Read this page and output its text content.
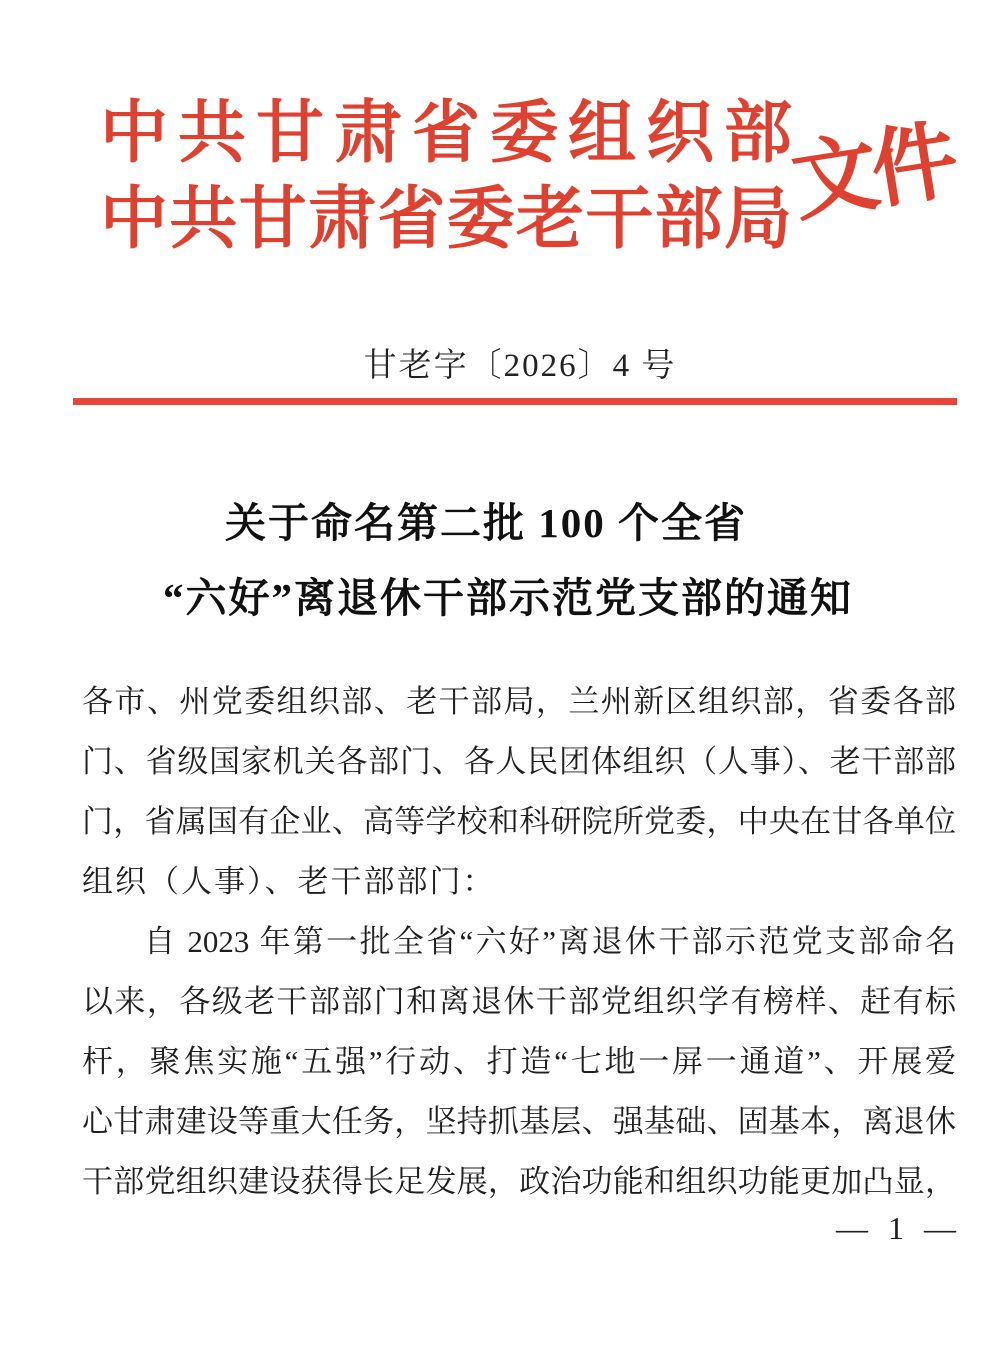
中共甘肃省委组织部
中共甘肃省委老干部局
文件
甘老字〔2026〕4 号
关于命名第二批 100 个全省
“六好”离退休干部示范党支部的通知
各市、州党委组织部、老干部局，兰州新区组织部，省委各部
门、省级国家机关各部门、各人民团体组织（人事）、老干部部
门，省属国有企业、高等学校和科研院所党委，中央在甘各单位
组织（人事）、老干部部门：
自 2023 年第一批全省“六好”离退休干部示范党支部命名
以来，各级老干部部门和离退休干部党组织学有榜样、赶有标
杆，聚焦实施“五强”行动、打造“七地一屏一通道”、开展爱
心甘肃建设等重大任务，坚持抓基层、强基础、固基本，离退休
干部党组织建设获得长足发展，政治功能和组织功能更加凸显，
— 1 —
